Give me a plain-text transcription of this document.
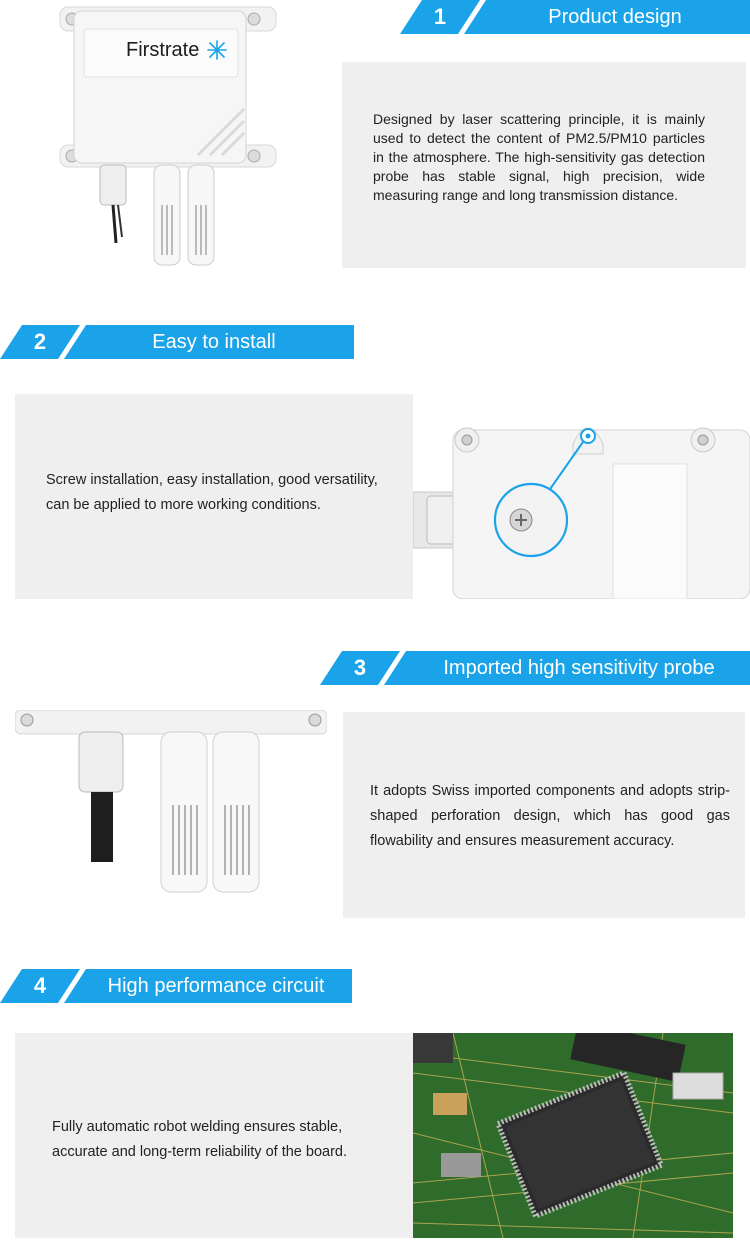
1	Product design
Firstrate
Designed by laser scattering principle, it is mainly used to detect the content of PM2.5/PM10 particles in the atmosphere. The high-sensitivity gas detection probe has stable signal, high precision, wide measuring range and long transmission distance.
2	Easy to install
Screw installation, easy installation, good versatility, can be applied to more working conditions.
3	Imported high sensitivity probe
It adopts Swiss imported components and adopts strip-shaped perforation design, which has good gas flowability and ensures measurement accuracy.
4	High performance circuit
Fully automatic robot welding ensures stable, accurate and long-term reliability of the board.
